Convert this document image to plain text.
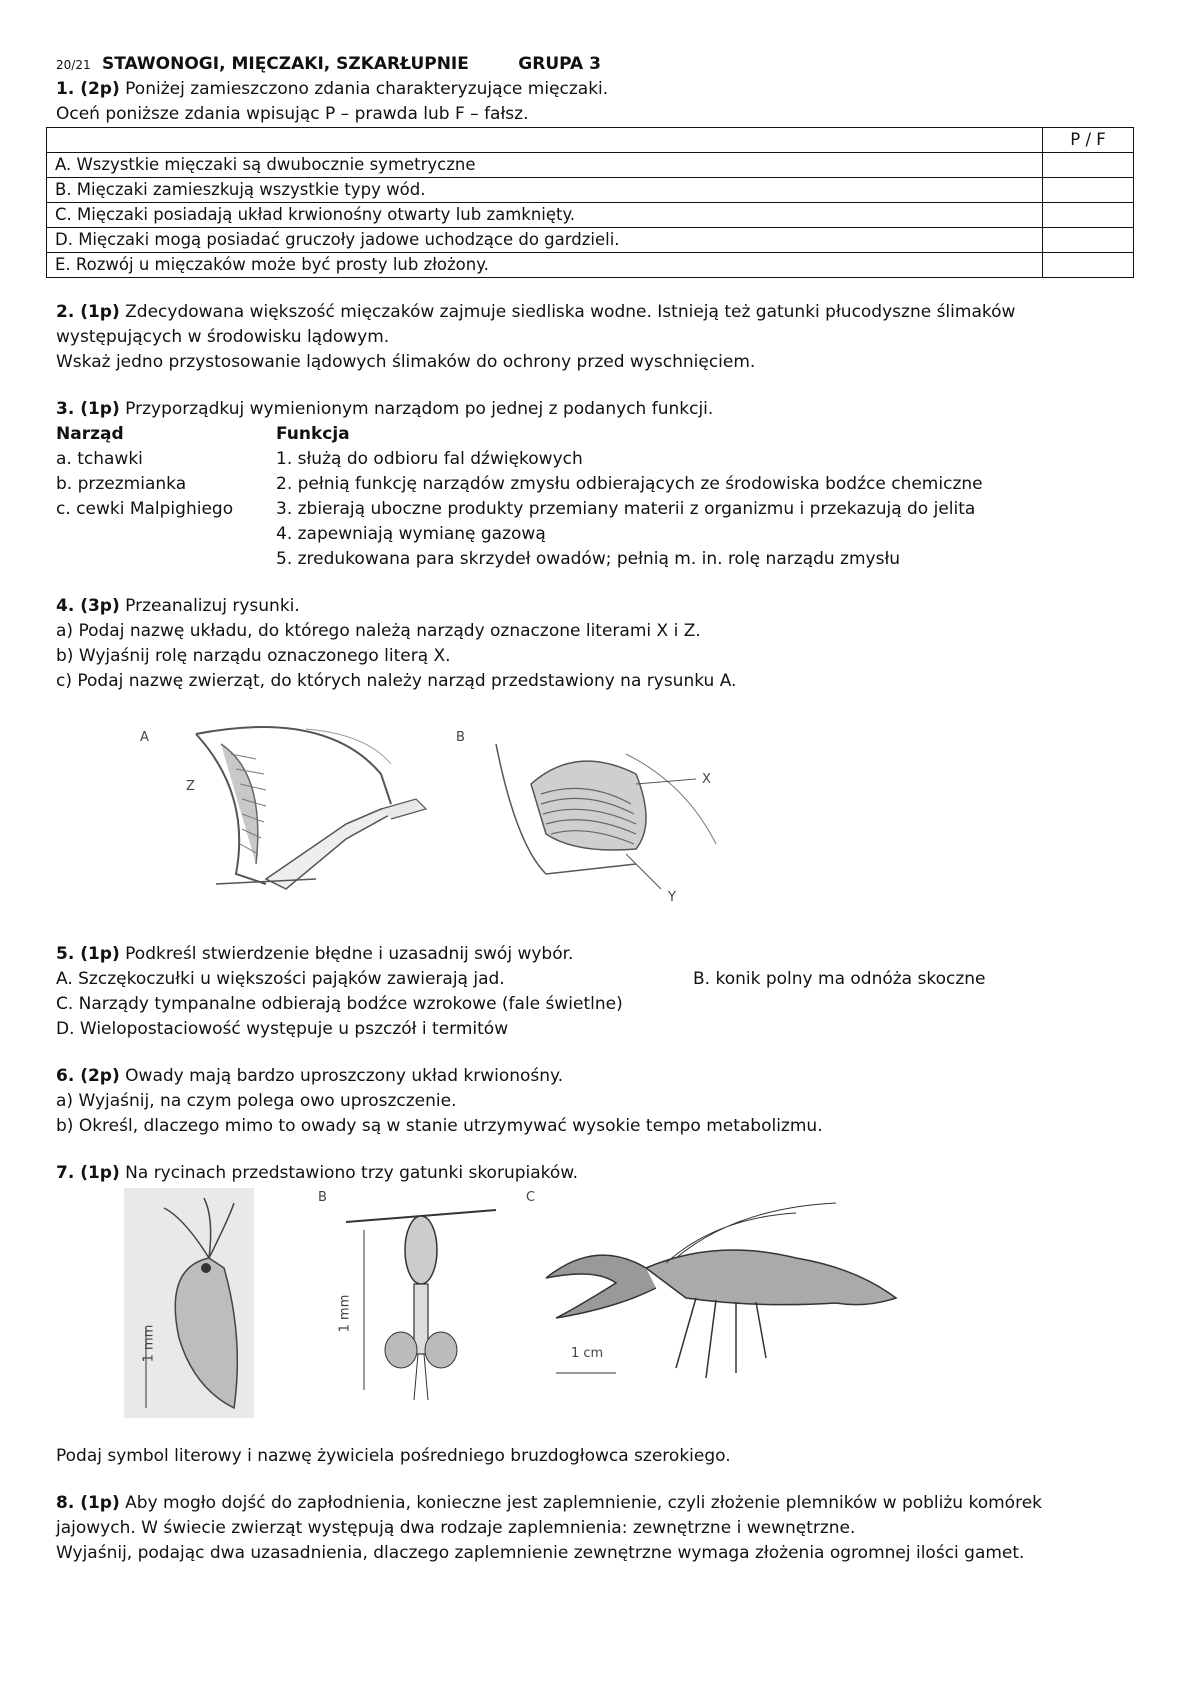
20/21 STAWONOGI, MIĘCZAKI, SZKARŁUPNIE	GRUPA 3
1. (2p) Poniżej zamieszczono zdania charakteryzujące mięczaki.
Oceń poniższe zdania wpisując P – prawda lub F – fałsz.
	P / F
A. Wszystkie mięczaki są dwubocznie symetryczne	
B. Mięczaki zamieszkują wszystkie typy wód.	
C. Mięczaki posiadają układ krwionośny otwarty lub zamknięty.	
D. Mięczaki mogą posiadać gruczoły jadowe uchodzące do gardzieli.	
E. Rozwój u mięczaków może być prosty lub złożony.	
2. (1p) Zdecydowana większość mięczaków zajmuje siedliska wodne. Istnieją też gatunki płucodyszne ślimaków
występujących w środowisku lądowym.
Wskaż jedno przystosowanie lądowych ślimaków do ochrony przed wyschnięciem.
3. (1p) Przyporządkuj wymienionym narządom po jednej z podanych funkcji.
Narząd
a. tchawki
b. przezmianka
c. cewki Malpighiego
Funkcja
1. służą do odbioru fal dźwiękowych
2. pełnią funkcję narządów zmysłu odbierających ze środowiska bodźce chemiczne
3. zbierają uboczne produkty przemiany materii z organizmu i przekazują do jelita
4. zapewniają wymianę gazową
5. zredukowana para skrzydeł owadów; pełnią m. in. rolę narządu zmysłu
4. (3p) Przeanalizuj rysunki.
a) Podaj nazwę układu, do którego należą narządy oznaczone literami X i Z.
b) Wyjaśnij rolę narządu oznaczonego literą X.
c) Podaj nazwę zwierząt, do których należy narząd przedstawiony na rysunku A.
A
Z
B
X
Y
5. (1p) Podkreśl stwierdzenie błędne i uzasadnij swój wybór.
A. Szczękoczułki u większości pająków zawierają jad.	B. konik polny ma odnóża skoczne
C. Narządy tympanalne odbierają bodźce wzrokowe (fale świetlne)
D. Wielopostaciowość występuje u pszczół i termitów
6. (2p) Owady mają bardzo uproszczony układ krwionośny.
a) Wyjaśnij, na czym polega owo uproszczenie.
b) Określ, dlaczego mimo to owady są w stanie utrzymywać wysokie tempo metabolizmu.
7. (1p) Na rycinach przedstawiono trzy gatunki skorupiaków.
1 mm
B
1 mm
C
1 cm
Podaj symbol literowy i nazwę żywiciela pośredniego bruzdogłowca szerokiego.
8. (1p) Aby mogło dojść do zapłodnienia, konieczne jest zaplemnienie, czyli złożenie plemników w pobliżu komórek
jajowych. W świecie zwierząt występują dwa rodzaje zaplemnienia: zewnętrzne i wewnętrzne.
Wyjaśnij, podając dwa uzasadnienia, dlaczego zaplemnienie zewnętrzne wymaga złożenia ogromnej ilości gamet.
